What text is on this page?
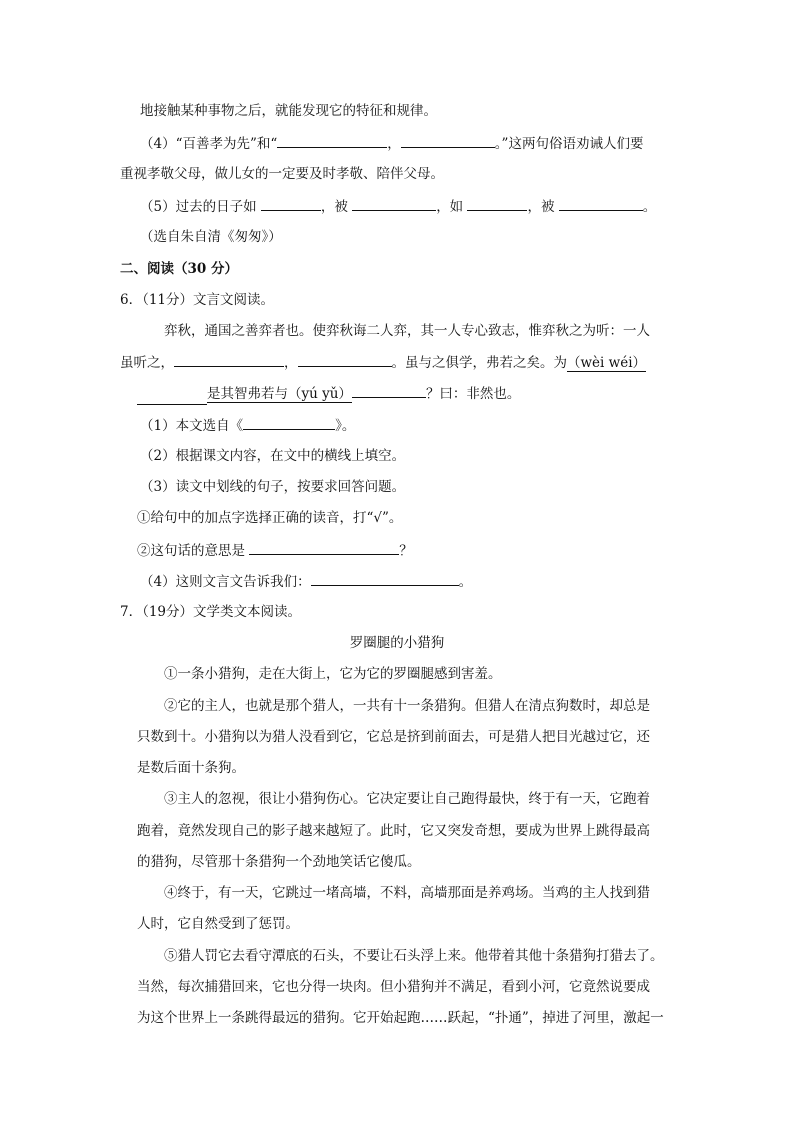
地接触某种事物之后，就能发现它的特征和规律。
（4）“百善孝为先”和“	，	。”这两句俗语劝诫人们要
重视孝敬父母，做儿女的一定要及时孝敬、陪伴父母。
（5）过去的日子如	，被	，如	，被	。
（选自朱自清《匆匆》）
二、阅读（30 分）
6．（11分）文言文阅读。
弈秋，通国之善弈者也。使弈秋诲二人弈，其一人专心致志，惟弈秋之为听：一人
虽听之，	，	。虽与之俱学，弗若之矣。为（wèi wéi）
是其智弗若与（yú yǔ）	？曰：非然也。
（1）本文选自《	》。
（2）根据课文内容，在文中的横线上填空。
（3）读文中划线的句子，按要求回答问题。
①给句中的加点字选择正确的读音，打“√”。
②这句话的意思是	？
（4）这则文言文告诉我们：	。
7．（19分）文学类文本阅读。
罗圈腿的小猎狗
①一条小猎狗，走在大街上，它为它的罗圈腿感到害羞。
②它的主人，也就是那个猎人，一共有十一条猎狗。但猎人在清点狗数时，却总是
只数到十。小猎狗以为猎人没看到它，它总是挤到前面去，可是猎人把目光越过它，还
是数后面十条狗。
③主人的忽视，很让小猎狗伤心。它决定要让自己跑得最快，终于有一天，它跑着
跑着，竟然发现自己的影子越来越短了。此时，它又突发奇想，要成为世界上跳得最高
的猎狗，尽管那十条猎狗一个劲地笑话它傻瓜。
④终于，有一天，它跳过一堵高墙，不料，高墙那面是养鸡场。当鸡的主人找到猎
人时，它自然受到了惩罚。
⑤猎人罚它去看守潭底的石头，不要让石头浮上来。他带着其他十条猎狗打猎去了。
当然，每次捕猎回来，它也分得一块肉。但小猎狗并不满足，看到小河，它竟然说要成
为这个世界上一条跳得最远的猎狗。它开始起跑……跃起，“扑通”，掉进了河里，激起一
